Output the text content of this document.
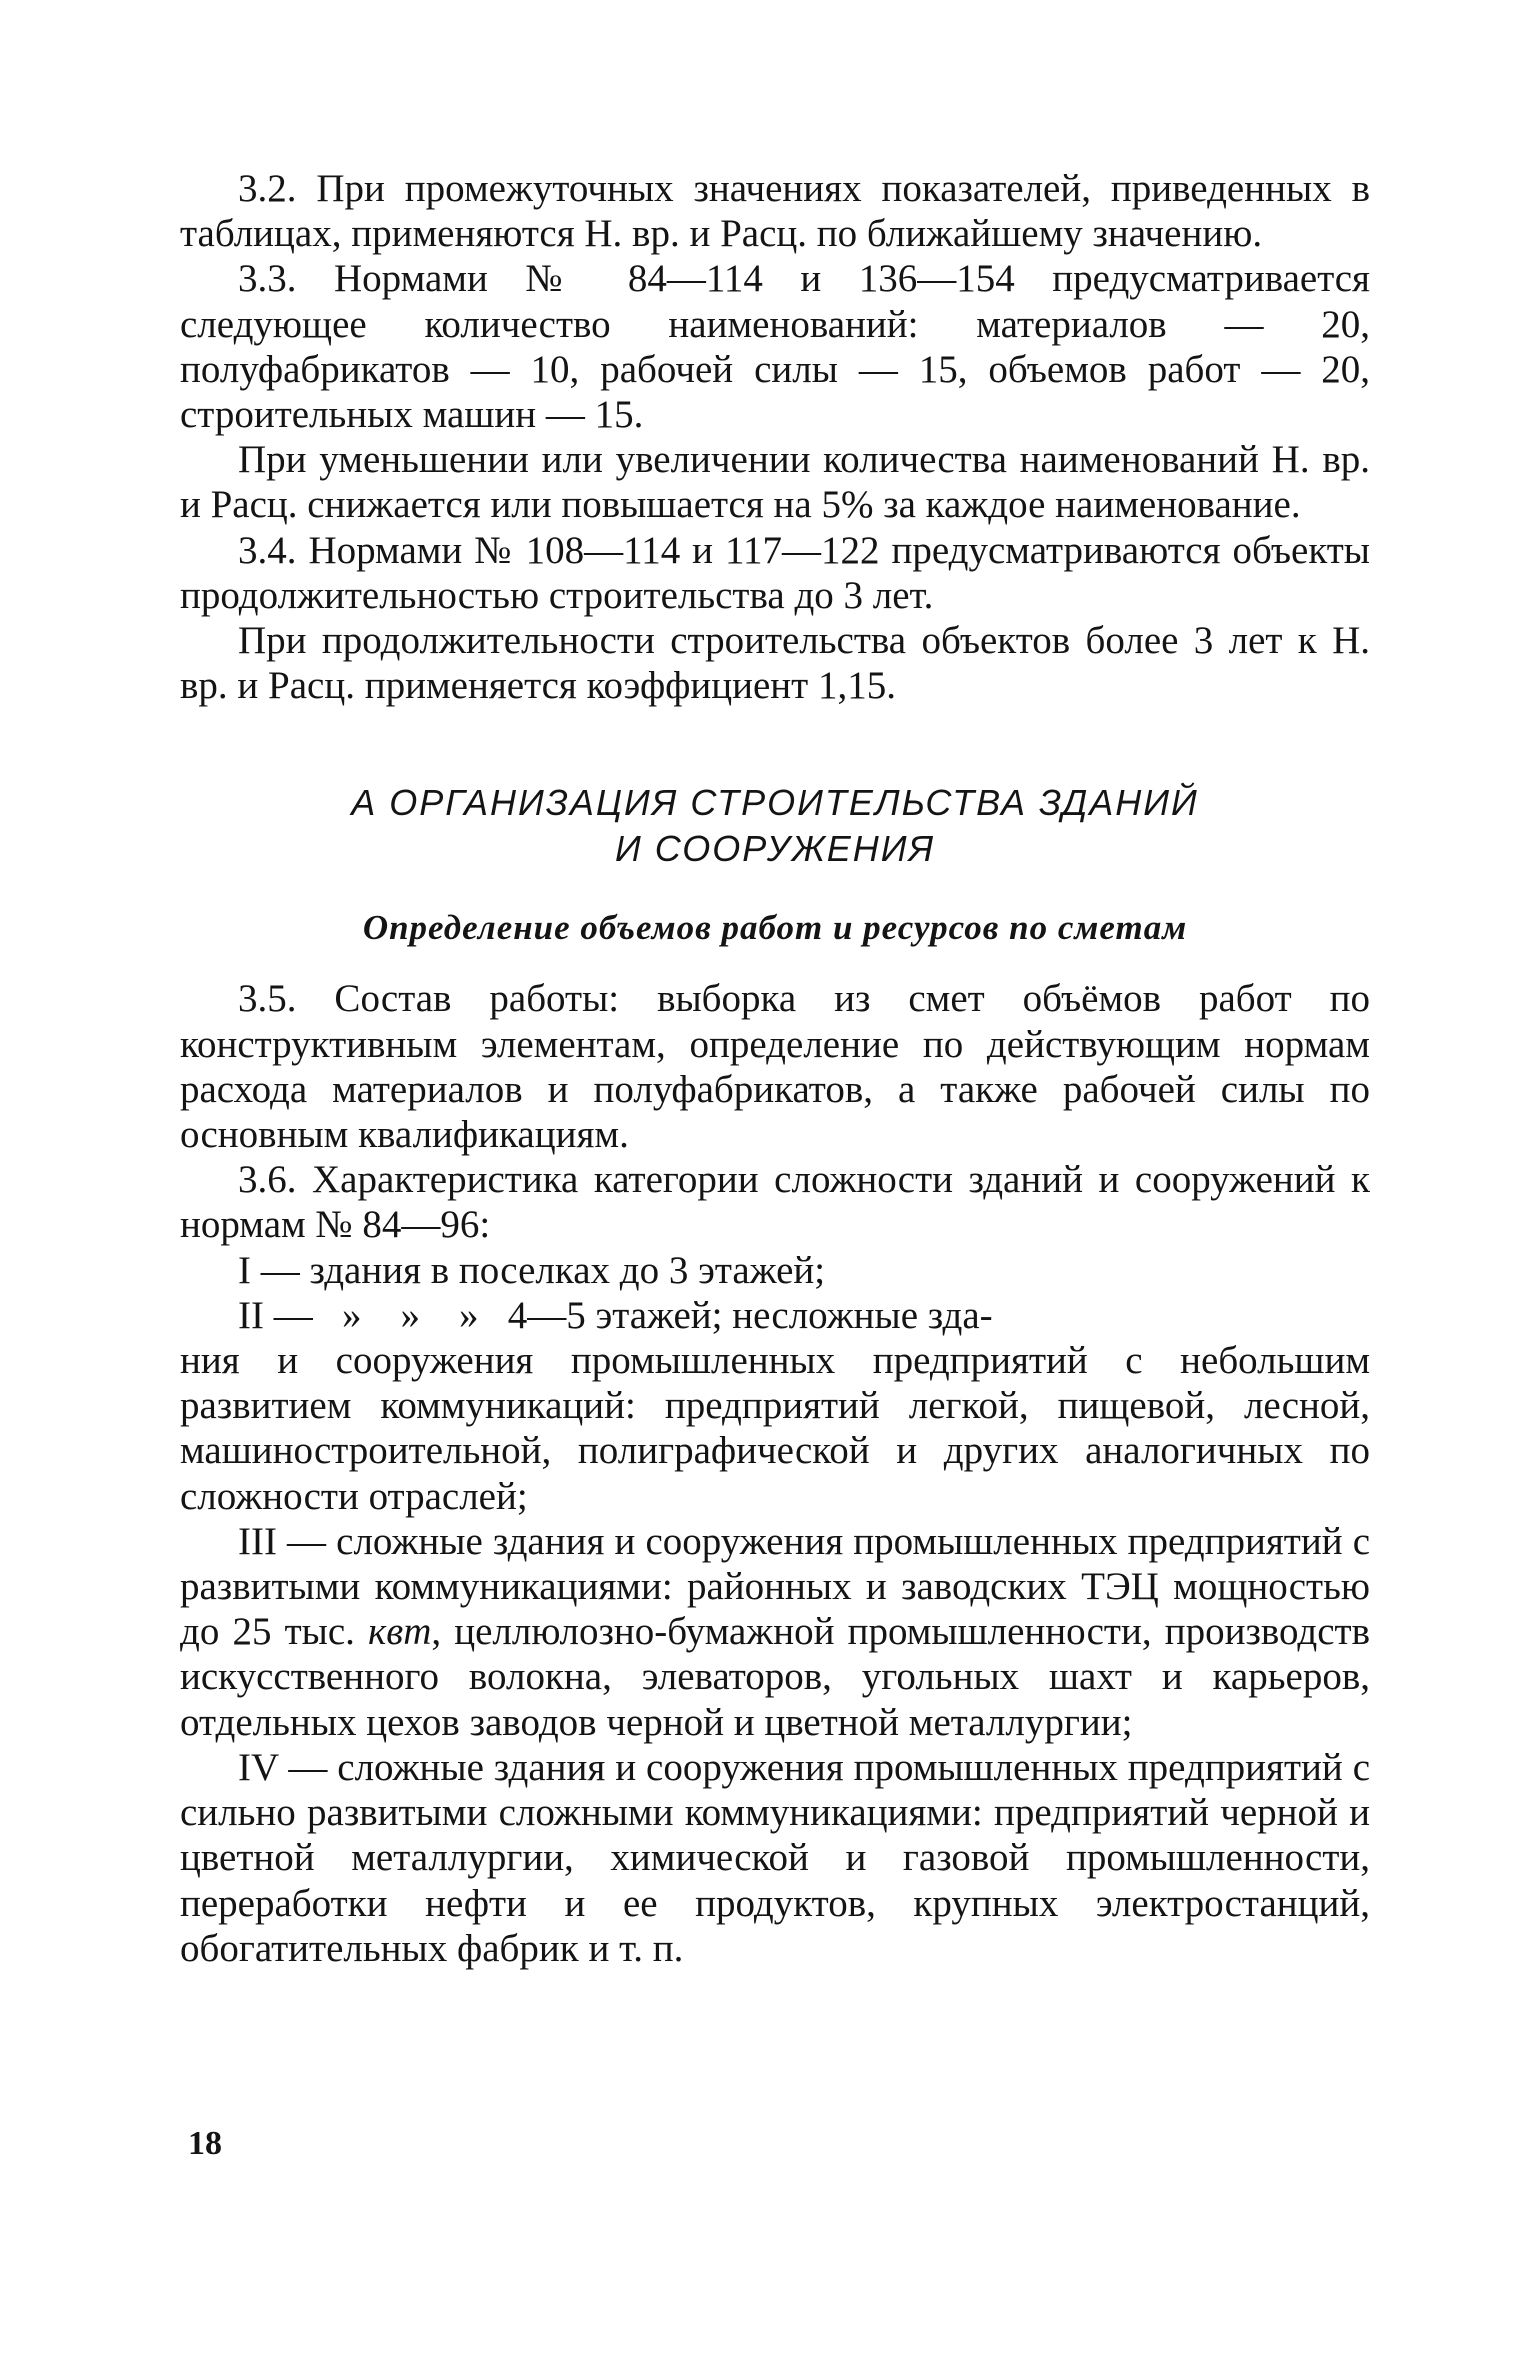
3.2. При промежуточных значениях показателей, приведенных в таблицах, применяются Н. вр. и Расц. по ближайшему значению.

3.3. Нормами № 84—114 и 136—154 предусматривается следующее количество наименований: материалов — 20, полуфабрикатов — 10, рабочей силы — 15, объемов работ — 20, строительных машин — 15.

При уменьшении или увеличении количества наименований Н. вр. и Расц. снижается или повышается на 5% за каждое наименование.

3.4. Нормами № 108—114 и 117—122 предусматриваются объекты продолжительностью строительства до 3 лет.

При продолжительности строительства объектов более 3 лет к Н. вр. и Расц. применяется коэффициент 1,15.

А ОРГАНИЗАЦИЯ СТРОИТЕЛЬСТВА ЗДАНИЙ
И СООРУЖЕНИЯ
Определение объемов работ и ресурсов по сметам

3.5. Состав работы: выборка из смет объёмов работ по конструктивным элементам, определение по действующим нормам расхода материалов и полуфабрикатов, а также рабочей силы по основным квалификациям.

3.6. Характеристика категории сложности зданий и сооружений к нормам № 84—96:

I — здания в поселках до 3 этажей;

II —   »    »    »   4—5 этажей; несложные зда-

ния и сооружения промышленных предприятий с небольшим развитием коммуникаций: предприятий легкой, пищевой, лесной, машиностроительной, полиграфической и других аналогичных по сложности отраслей;

III — сложные здания и сооружения промышленных предприятий с развитыми коммуникациями: районных и заводских ТЭЦ мощностью до 25 тыс. квт, целлюлозно-бумажной промышленности, производств искусственного волокна, элеваторов, угольных шахт и карьеров, отдельных цехов заводов черной и цветной металлургии;

IV — сложные здания и сооружения промышленных предприятий с сильно развитыми сложными коммуникациями: предприятий черной и цветной металлургии, химической и газовой промышленности, переработки нефти и ее продуктов, крупных электростанций, обогатительных фабрик и т. п.

18
